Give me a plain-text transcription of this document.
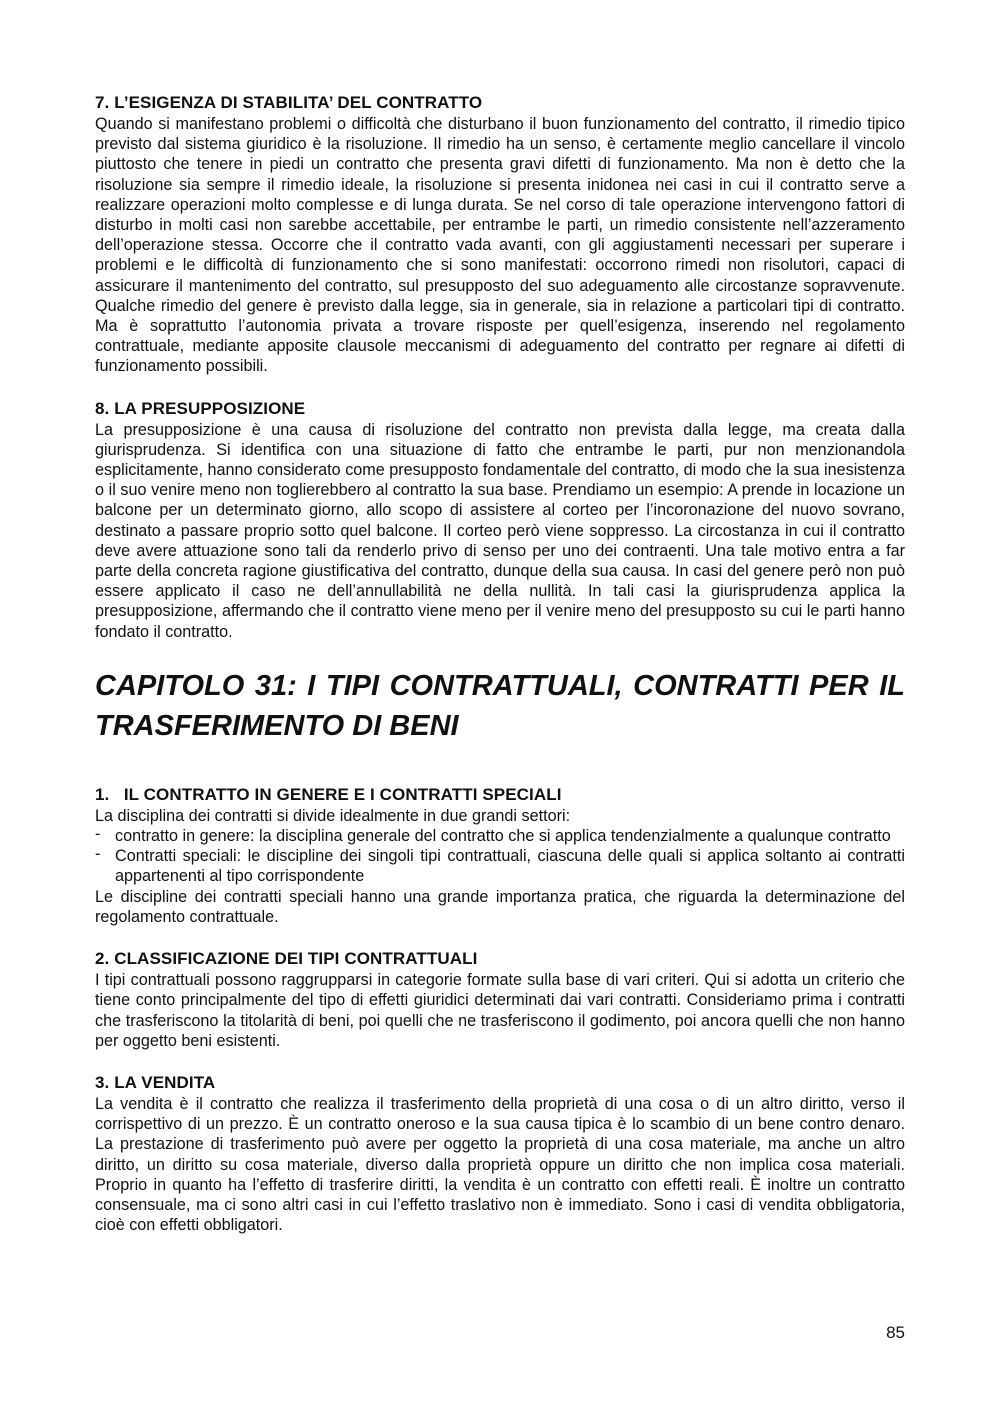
7. L’ESIGENZA DI STABILITA’ DEL CONTRATTO

Quando si manifestano problemi o difficoltà che disturbano il buon funzionamento del contratto, il rimedio tipico previsto dal sistema giuridico è la risoluzione. Il rimedio ha un senso, è certamente meglio cancellare il vincolo piuttosto che tenere in piedi un contratto che presenta gravi difetti di funzionamento. Ma non è detto che la risoluzione sia sempre il rimedio ideale, la risoluzione si presenta inidonea nei casi in cui il contratto serve a realizzare operazioni molto complesse e di lunga durata. Se nel corso di tale operazione intervengono fattori di disturbo in molti casi non sarebbe accettabile, per entrambe le parti, un rimedio consistente nell’azzeramento dell’operazione stessa. Occorre che il contratto vada avanti, con gli aggiustamenti necessari per superare i problemi e le difficoltà di funzionamento che si sono manifestati: occorrono rimedi non risolutori, capaci di assicurare il mantenimento del contratto, sul presupposto del suo adeguamento alle circostanze sopravvenute. Qualche rimedio del genere è previsto dalla legge, sia in generale, sia in relazione a particolari tipi di contratto. Ma è soprattutto l’autonomia privata a trovare risposte per quell’esigenza, inserendo nel regolamento contrattuale, mediante apposite clausole meccanismi di adeguamento del contratto per regnare ai difetti di funzionamento possibili.

8. LA PRESUPPOSIZIONE

La presupposizione è una causa di risoluzione del contratto non prevista dalla legge, ma creata dalla giurisprudenza. Si identifica con una situazione di fatto che entrambe le parti, pur non menzionandola esplicitamente, hanno considerato come presupposto fondamentale del contratto, di modo che la sua inesistenza o il suo venire meno non toglierebbero al contratto la sua base. Prendiamo un esempio: A prende in locazione un balcone per un determinato giorno, allo scopo di assistere al corteo per l’incoronazione del nuovo sovrano, destinato a passare proprio sotto quel balcone. Il corteo però viene soppresso. La circostanza in cui il contratto deve avere attuazione sono tali da renderlo privo di senso per uno dei contraenti. Una tale motivo entra a far parte della concreta ragione giustificativa del contratto, dunque della sua causa. In casi del genere però non può essere applicato il caso ne dell’annullabilità ne della nullità. In tali casi la giurisprudenza applica la presupposizione, affermando che il contratto viene meno per il venire meno del presupposto su cui le parti hanno fondato il contratto.

CAPITOLO 31: I TIPI CONTRATTUALI, CONTRATTI PER IL TRASFERIMENTO DI BENI
1.   IL CONTRATTO IN GENERE E I CONTRATTI SPECIALI

La disciplina dei contratti si divide idealmente in due grandi settori:

- contratto in genere: la disciplina generale del contratto che si applica tendenzialmente a qualunque contratto
- Contratti speciali: le discipline dei singoli tipi contrattuali, ciascuna delle quali si applica soltanto ai contratti appartenenti al tipo corrispondente

Le discipline dei contratti speciali hanno una grande importanza pratica, che riguarda la determinazione del regolamento contrattuale.

2. CLASSIFICAZIONE DEI TIPI CONTRATTUALI

I tipi contrattuali possono raggrupparsi in categorie formate sulla base di vari criteri. Qui si adotta un criterio che tiene conto principalmente del tipo di effetti giuridici determinati dai vari contratti. Consideriamo prima i contratti che trasferiscono la titolarità di beni, poi quelli che ne trasferiscono il godimento, poi ancora quelli che non hanno per oggetto beni esistenti.

3. LA VENDITA

La vendita è il contratto che realizza il trasferimento della proprietà di una cosa o di un altro diritto, verso il corrispettivo di un prezzo. È un contratto oneroso e la sua causa tipica è lo scambio di un bene contro denaro. La prestazione di trasferimento può avere per oggetto la proprietà di una cosa materiale, ma anche un altro diritto, un diritto su cosa materiale, diverso dalla proprietà oppure un diritto che non implica cosa materiali. Proprio in quanto ha l’effetto di trasferire diritti, la vendita è un contratto con effetti reali. È inoltre un contratto consensuale, ma ci sono altri casi in cui l’effetto traslativo non è immediato. Sono i casi di vendita obbligatoria, cioè con effetti obbligatori.

85
